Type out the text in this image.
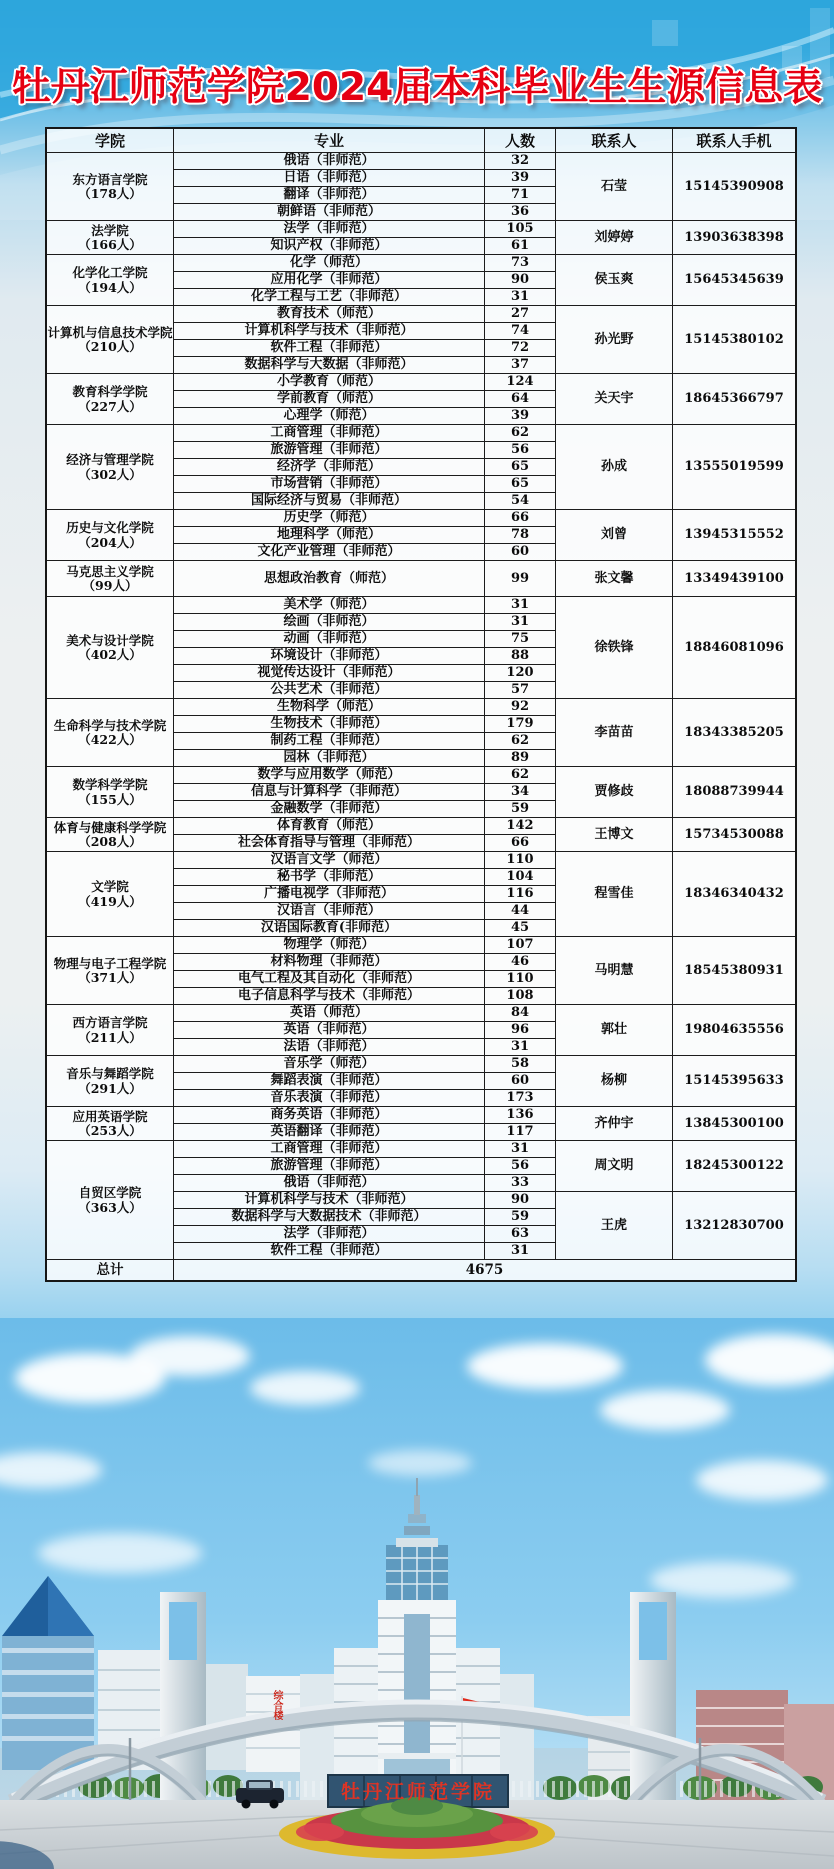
牡丹江师范学院2024届本科毕业生生源信息表
学院	专业	人数	联系人	联系人手机

东方语言学院
（178人）	俄语（非师范）	32	石莹	15145390908
	日语（非师范）	39		
	翻译（非师范）	71		
	朝鲜语（非师范）	36		

法学院
（166人）	法学（非师范）	105	刘婷婷	13903638398
	知识产权（非师范）	61		

化学化工学院
（194人）	化学（师范）	73	侯玉爽	15645345639
	应用化学（非师范）	90		
	化学工程与工艺（非师范）	31		

计算机与信息技术学院
（210人）	教育技术（师范）	27	孙光野	15145380102
	计算机科学与技术（非师范）	74		
	软件工程（非师范）	72		
	数据科学与大数据（非师范）	37		

教育科学学院
（227人）	小学教育（师范）	124	关天宇	18645366797
	学前教育（师范）	64		
	心理学（师范）	39		

经济与管理学院
（302人）	工商管理（非师范）	62	孙成	13555019599
	旅游管理（非师范）	56		
	经济学（非师范）	65		
	市场营销（非师范）	65		
	国际经济与贸易（非师范）	54		

历史与文化学院
（204人）	历史学（师范）	66	刘曾	13945315552
	地理科学（师范）	78		
	文化产业管理（非师范）	60		

马克思主义学院
（99人）	思想政治教育（师范）	99	张文馨	13349439100

美术与设计学院
（402人）	美术学（师范）	31	徐铁锋	18846081096
	绘画（非师范）	31		
	动画（非师范）	75		
	环境设计（非师范）	88		
	视觉传达设计（非师范）	120		
	公共艺术（非师范）	57		

生命科学与技术学院
（422人）	生物科学（师范）	92	李苗苗	18343385205
	生物技术（非师范）	179		
	制药工程（非师范）	62		
	园林（非师范）	89		

数学科学学院
（155人）	数学与应用数学（师范）	62	贾修歧	18088739944
	信息与计算科学（非师范）	34		
	金融数学（非师范）	59		

体育与健康科学学院
（208人）	体育教育（师范）	142	王博文	15734530088
	社会体育指导与管理（非师范）	66		

文学院
（419人）	汉语言文学（师范）	110	程雪佳	18346340432
	秘书学（非师范）	104		
	广播电视学（非师范）	116		
	汉语言（非师范）	44		
	汉语国际教育(非师范）	45		

物理与电子工程学院
（371人）	物理学（师范）	107	马明慧	18545380931
	材料物理（非师范）	46		
	电气工程及其自动化（非师范）	110		
	电子信息科学与技术（非师范）	108		

西方语言学院
（211人）	英语（师范）	84	郭壮	19804635556
	英语（非师范）	96		
	法语（非师范）	31		

音乐与舞蹈学院
（291人）	音乐学（师范）	58	杨柳	15145395633
	舞蹈表演（非师范）	60		
	音乐表演（非师范）	173		

应用英语学院
（253人）	商务英语（非师范）	136	齐仲宇	13845300100
	英语翻译（非师范）	117		

自贸区学院
（363人）	工商管理（非师范）	31	周文明	18245300122
	旅游管理（非师范）	56		
	俄语（非师范）	33		
	计算机科学与技术（非师范）	90	王虎	13212830700
	数据科学与大数据技术（非师范）	59		
	法学（非师范）	63		
	软件工程（非师范）	31		
总计	4675			
牡丹江师范学院
综合楼
